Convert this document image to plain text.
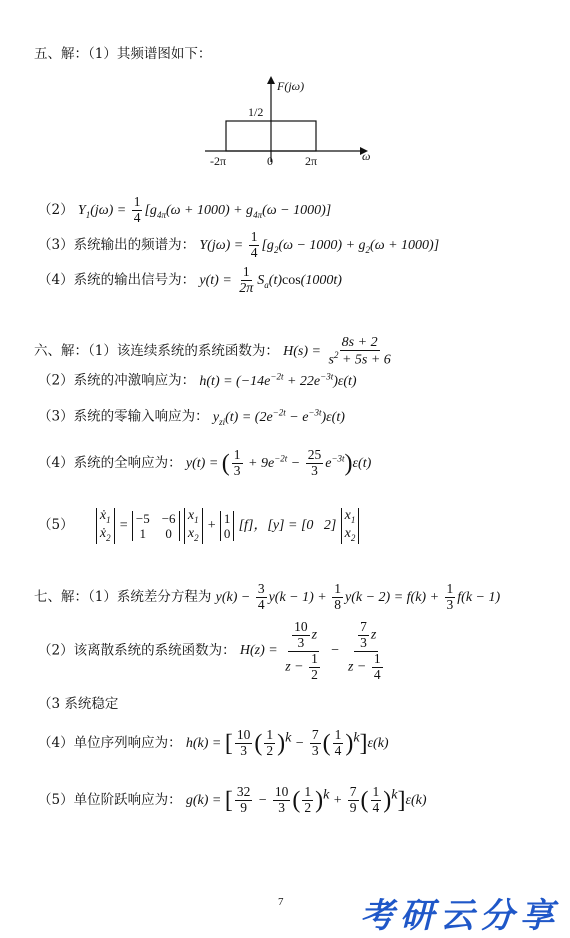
五、解：（1）其频谱图如下：
F(jω)
1/2
-2π	0	2π	ω
（2） $Y_1(j\omega) = \frac{1}{4} [g_{4\pi}(\omega + 1000) + g_{4\pi}(\omega - 1000)]$
（3）系统输出的频谱为： $Y(j\omega) = \frac{1}{4} [g_2(\omega - 1000) + g_2(\omega + 1000)]$
（4）系统的输出信号为： $y(t) = \frac{1}{2\pi} S_a(t)\cos(1000t)$
六、解：（1）该连续系统的系统函数为： $H(s) = \frac{8s + 2}{s^2 + 5s + 6}$
（2）系统的冲激响应为： $h(t) = (-14e^{-2t} + 22e^{-3t})\varepsilon(t)$
（3）系统的零输入响应为： $y_{zi}(t) = (2e^{-2t} - e^{-3t})\varepsilon(t)$
（4）系统的全响应为： y(t) = ( $\frac{1}{3} + 9e^{-2t} - \frac{25}{3} e^{-3t})\varepsilon(t)$
（5）
ẋ$_1$
ẋ$_2$
= −5 −6
1 0

$x_1$
$x_2$
+ 1
0
[f]，[y] = [0   2]
$x_1$
$x_2$
七、解：（1）系统差分方程为 $y(k) - \frac{3}{4} y(k - 1) + \frac{1}{8} y(k - 2) = f(k) + \frac{1}{3} f(k - 1)$
（2）该离散系统的系统函数为： $H(z) = \frac{\frac{10}{3} z}{z - \frac{1}{2}} - \frac{\frac{7}{3} z}{z - \frac{1}{4}}$
（3 系统稳定
（4）单位序列响应为： h(k) = [ $\frac{10}{3}$ ( $\frac{1}{2} )^k - \frac{7}{3}$ ( $\frac{1}{4} )^k]\varepsilon(k)$
（5）单位阶跃响应为： g(k) = [ $\frac{32}{9} - \frac{10}{3}$ ( $\frac{1}{2} )^k + \frac{7}{9}$ ( $\frac{1}{4} )^k]\varepsilon(k)$
7 考研云分享
